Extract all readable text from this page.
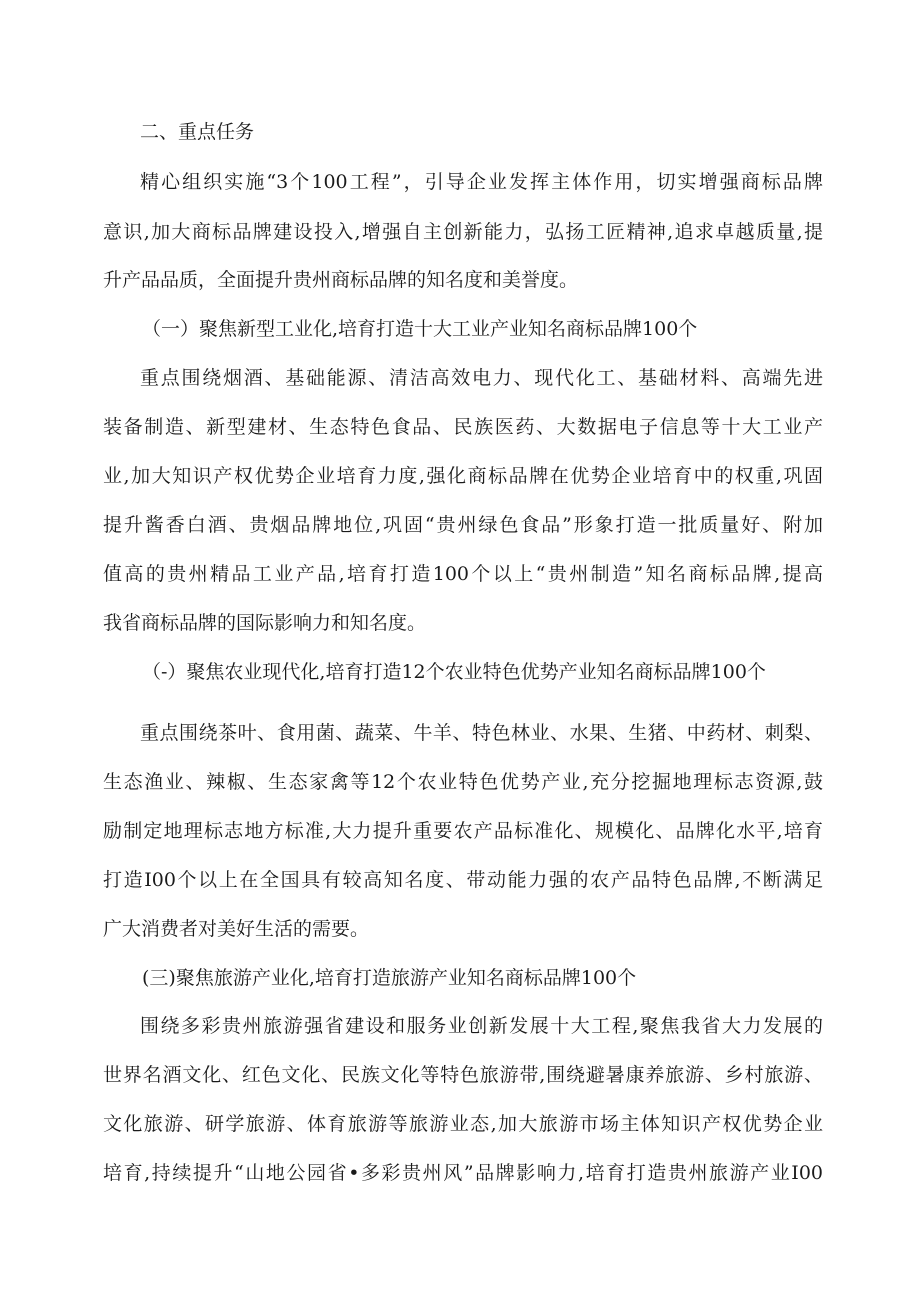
二、重点任务
精心组织实施“3个100工程”，引导企业发挥主体作用，切实增强商标品牌
意识,加大商标品牌建设投入,增强自主创新能力，弘扬工匠精神,追求卓越质量,提
升产品品质，全面提升贵州商标品牌的知名度和美誉度。
（一）聚焦新型工业化,培育打造十大工业产业知名商标品牌100个
重点围绕烟酒、基础能源、清洁高效电力、现代化工、基础材料、高端先进
装备制造、新型建材、生态特色食品、民族医药、大数据电子信息等十大工业产
业,加大知识产权优势企业培育力度,强化商标品牌在优势企业培育中的权重,巩固
提升酱香白酒、贵烟品牌地位,巩固“贵州绿色食品”形象打造一批质量好、附加
值高的贵州精品工业产品,培育打造100个以上“贵州制造”知名商标品牌,提高
我省商标品牌的国际影响力和知名度。
（-）聚焦农业现代化,培育打造12个农业特色优势产业知名商标品牌100个
重点围绕茶叶、食用菌、蔬菜、牛羊、特色林业、水果、生猪、中药材、刺梨、
生态渔业、辣椒、生态家禽等12个农业特色优势产业,充分挖掘地理标志资源,鼓
励制定地理标志地方标准,大力提升重要农产品标准化、规模化、品牌化水平,培育
打造I00个以上在全国具有较高知名度、带动能力强的农产品特色品牌,不断满足
广大消费者对美好生活的需要。
(三)聚焦旅游产业化,培育打造旅游产业知名商标品牌100个
围绕多彩贵州旅游强省建设和服务业创新发展十大工程,聚焦我省大力发展的
世界名酒文化、红色文化、民族文化等特色旅游带,围绕避暑康养旅游、乡村旅游、
文化旅游、研学旅游、体育旅游等旅游业态,加大旅游市场主体知识产权优势企业
培育,持续提升“山地公园省•多彩贵州风”品牌影响力,培育打造贵州旅游产业I00
